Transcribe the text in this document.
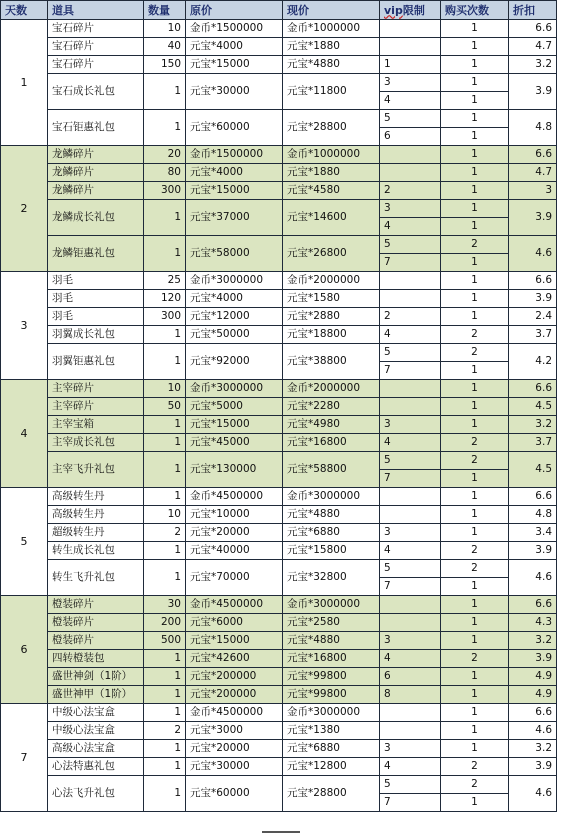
天数	道具	数量	原价	现价	vip限制	购买次数	折扣
1	宝石碎片	10	金币*1500000	金币*1000000		1	6.6
	宝石碎片	40	元宝*4000	元宝*1880		1	4.7
	宝石碎片	150	元宝*15000	元宝*4880	1	1	3.2
	宝石成长礼包	1	元宝*30000	元宝*11800	3	1	3.9
					4	1	
	宝石钜惠礼包	1	元宝*60000	元宝*28800	5	1	4.8
					6	1	
2	龙鳞碎片	20	金币*1500000	金币*1000000		1	6.6
	龙鳞碎片	80	元宝*4000	元宝*1880		1	4.7
	龙鳞碎片	300	元宝*15000	元宝*4580	2	1	3
	龙鳞成长礼包	1	元宝*37000	元宝*14600	3	1	3.9
					4	1	
	龙鳞钜惠礼包	1	元宝*58000	元宝*26800	5	2	4.6
					7	1	
3	羽毛	25	金币*3000000	金币*2000000		1	6.6
	羽毛	120	元宝*4000	元宝*1580		1	3.9
	羽毛	300	元宝*12000	元宝*2880	2	1	2.4
	羽翼成长礼包	1	元宝*50000	元宝*18800	4	2	3.7
	羽翼钜惠礼包	1	元宝*92000	元宝*38800	5	2	4.2
					7	1	
4	主宰碎片	10	金币*3000000	金币*2000000		1	6.6
	主宰碎片	50	元宝*5000	元宝*2280		1	4.5
	主宰宝箱	1	元宝*15000	元宝*4980	3	1	3.2
	主宰成长礼包	1	元宝*45000	元宝*16800	4	2	3.7
	主宰飞升礼包	1	元宝*130000	元宝*58800	5	2	4.5
					7	1	
5	高级转生丹	1	金币*4500000	金币*3000000		1	6.6
	高级转生丹	10	元宝*10000	元宝*4880		1	4.8
	超级转生丹	2	元宝*20000	元宝*6880	3	1	3.4
	转生成长礼包	1	元宝*40000	元宝*15800	4	2	3.9
	转生飞升礼包	1	元宝*70000	元宝*32800	5	2	4.6
					7	1	
6	橙装碎片	30	金币*4500000	金币*3000000		1	6.6
	橙装碎片	200	元宝*6000	元宝*2580		1	4.3
	橙装碎片	500	元宝*15000	元宝*4880	3	1	3.2
	四转橙装包	1	元宝*42600	元宝*16800	4	2	3.9
	盛世神剑（1阶）	1	元宝*200000	元宝*99800	6	1	4.9
	盛世神甲（1阶）	1	元宝*200000	元宝*99800	8	1	4.9
7	中级心法宝盒	1	金币*4500000	金币*3000000		1	6.6
	中级心法宝盒	2	元宝*3000	元宝*1380		1	4.6
	高级心法宝盒	1	元宝*20000	元宝*6880	3	1	3.2
	心法特惠礼包	1	元宝*30000	元宝*12800	4	2	3.9
	心法飞升礼包	1	元宝*60000	元宝*28800	5	2	4.6
					7	1	
